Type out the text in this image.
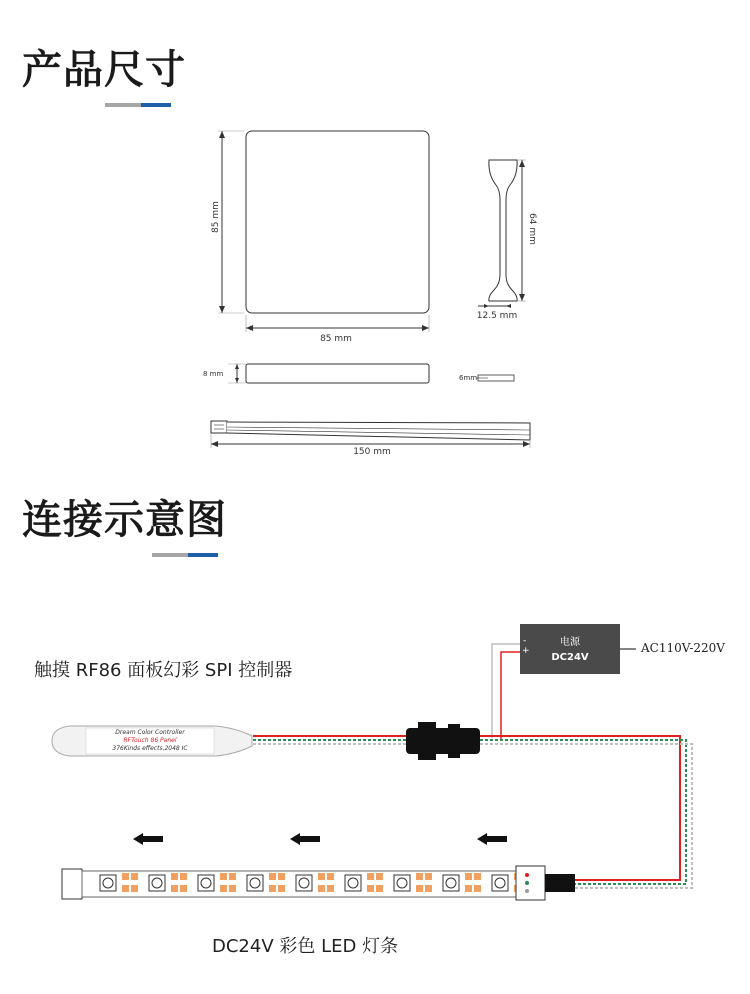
产品尺寸
连接示意图
85 mm
85 mm
64 mm
12.5 mm
8 mm	6mm
150 mm
触摸 RF86 面板幻彩 SPI 控制器
DC24V 彩色 LED 灯条
电源
DC24V
AC110V-220V
-
+
Dream Color Controller
RFTouch 86 Panel
376Kinds effects,2048 IC
